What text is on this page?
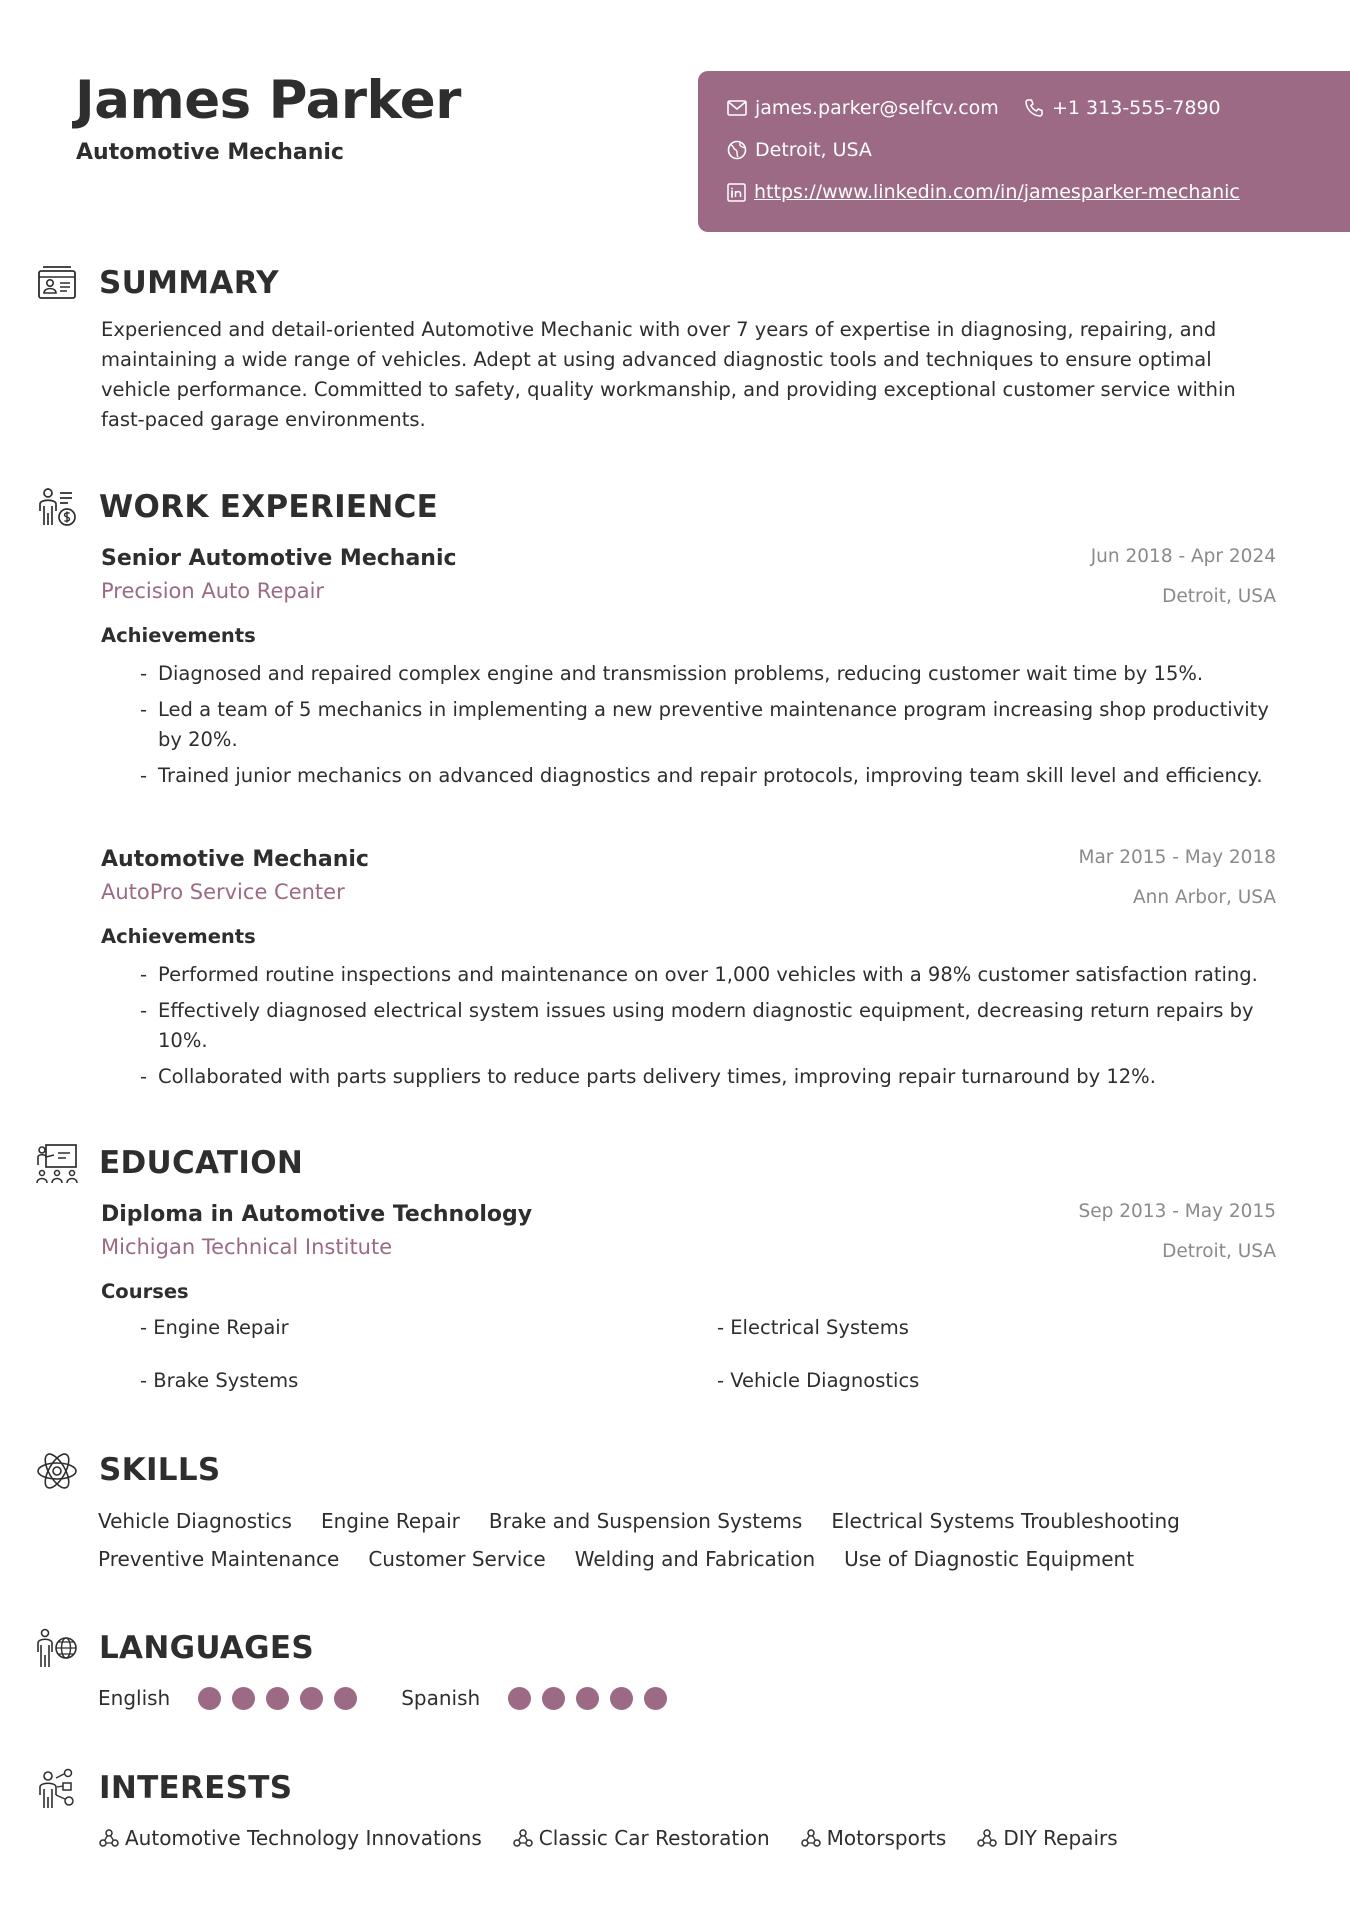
James Parker
Automotive Mechanic
james.parker@selfcv.com	+1 313-555-7890
Detroit, USA
https://www.linkedin.com/in/jamesparker-mechanic
SUMMARY

Experienced and detail-oriented Automotive Mechanic with over 7 years of expertise in diagnosing, repairing, and maintaining a wide range of vehicles. Adept at using advanced diagnostic tools and techniques to ensure optimal vehicle performance. Committed to safety, quality workmanship, and providing exceptional customer service within fast-paced garage environments.

WORK EXPERIENCE
Senior Automotive Mechanic	Jun 2018 - Apr 2024
Precision Auto Repair	Detroit, USA
Achievements
- Diagnosed and repaired complex engine and transmission problems, reducing customer wait time by 15%.
- Led a team of 5 mechanics in implementing a new preventive maintenance program increasing shop productivity by 20%.
- Trained junior mechanics on advanced diagnostics and repair protocols, improving team skill level and efficiency.
Automotive Mechanic	Mar 2015 - May 2018
AutoPro Service Center	Ann Arbor, USA
Achievements
- Performed routine inspections and maintenance on over 1,000 vehicles with a 98% customer satisfaction rating.
- Effectively diagnosed electrical system issues using modern diagnostic equipment, decreasing return repairs by 10%.
- Collaborated with parts suppliers to reduce parts delivery times, improving repair turnaround by 12%.
EDUCATION
Diploma in Automotive Technology	Sep 2013 - May 2015
Michigan Technical Institute	Detroit, USA
Courses
- Engine Repair	- Electrical Systems
- Brake Systems	- Vehicle Diagnostics
SKILLS
Vehicle Diagnostics Engine Repair Brake and Suspension Systems Electrical Systems Troubleshooting
Preventive Maintenance Customer Service Welding and Fabrication Use of Diagnostic Equipment
LANGUAGES
English	Spanish
INTERESTS
Automotive Technology Innovations	Classic Car Restoration	Motorsports	DIY Repairs
